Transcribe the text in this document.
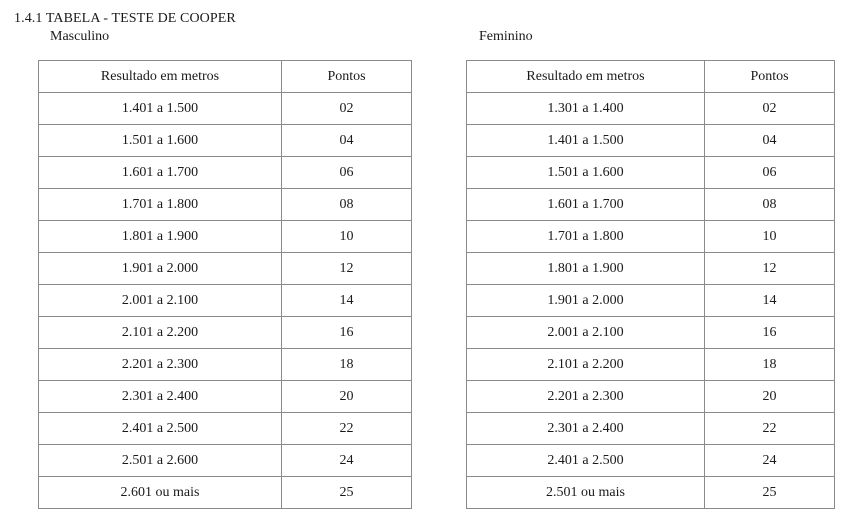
1.4.1 TABELA - TESTE DE COOPER
Masculino	Feminino
Resultado em metros	Pontos
1.401 a 1.500	02
1.501 a 1.600	04
1.601 a 1.700	06
1.701 a 1.800	08
1.801 a 1.900	10
1.901 a 2.000	12
2.001 a 2.100	14
2.101 a 2.200	16
2.201 a 2.300	18
2.301 a 2.400	20
2.401 a 2.500	22
2.501 a 2.600	24
2.601 ou mais	25
Resultado em metros	Pontos
1.301 a 1.400	02
1.401 a 1.500	04
1.501 a 1.600	06
1.601 a 1.700	08
1.701 a 1.800	10
1.801 a 1.900	12
1.901 a 2.000	14
2.001 a 2.100	16
2.101 a 2.200	18
2.201 a 2.300	20
2.301 a 2.400	22
2.401 a 2.500	24
2.501 ou mais	25
